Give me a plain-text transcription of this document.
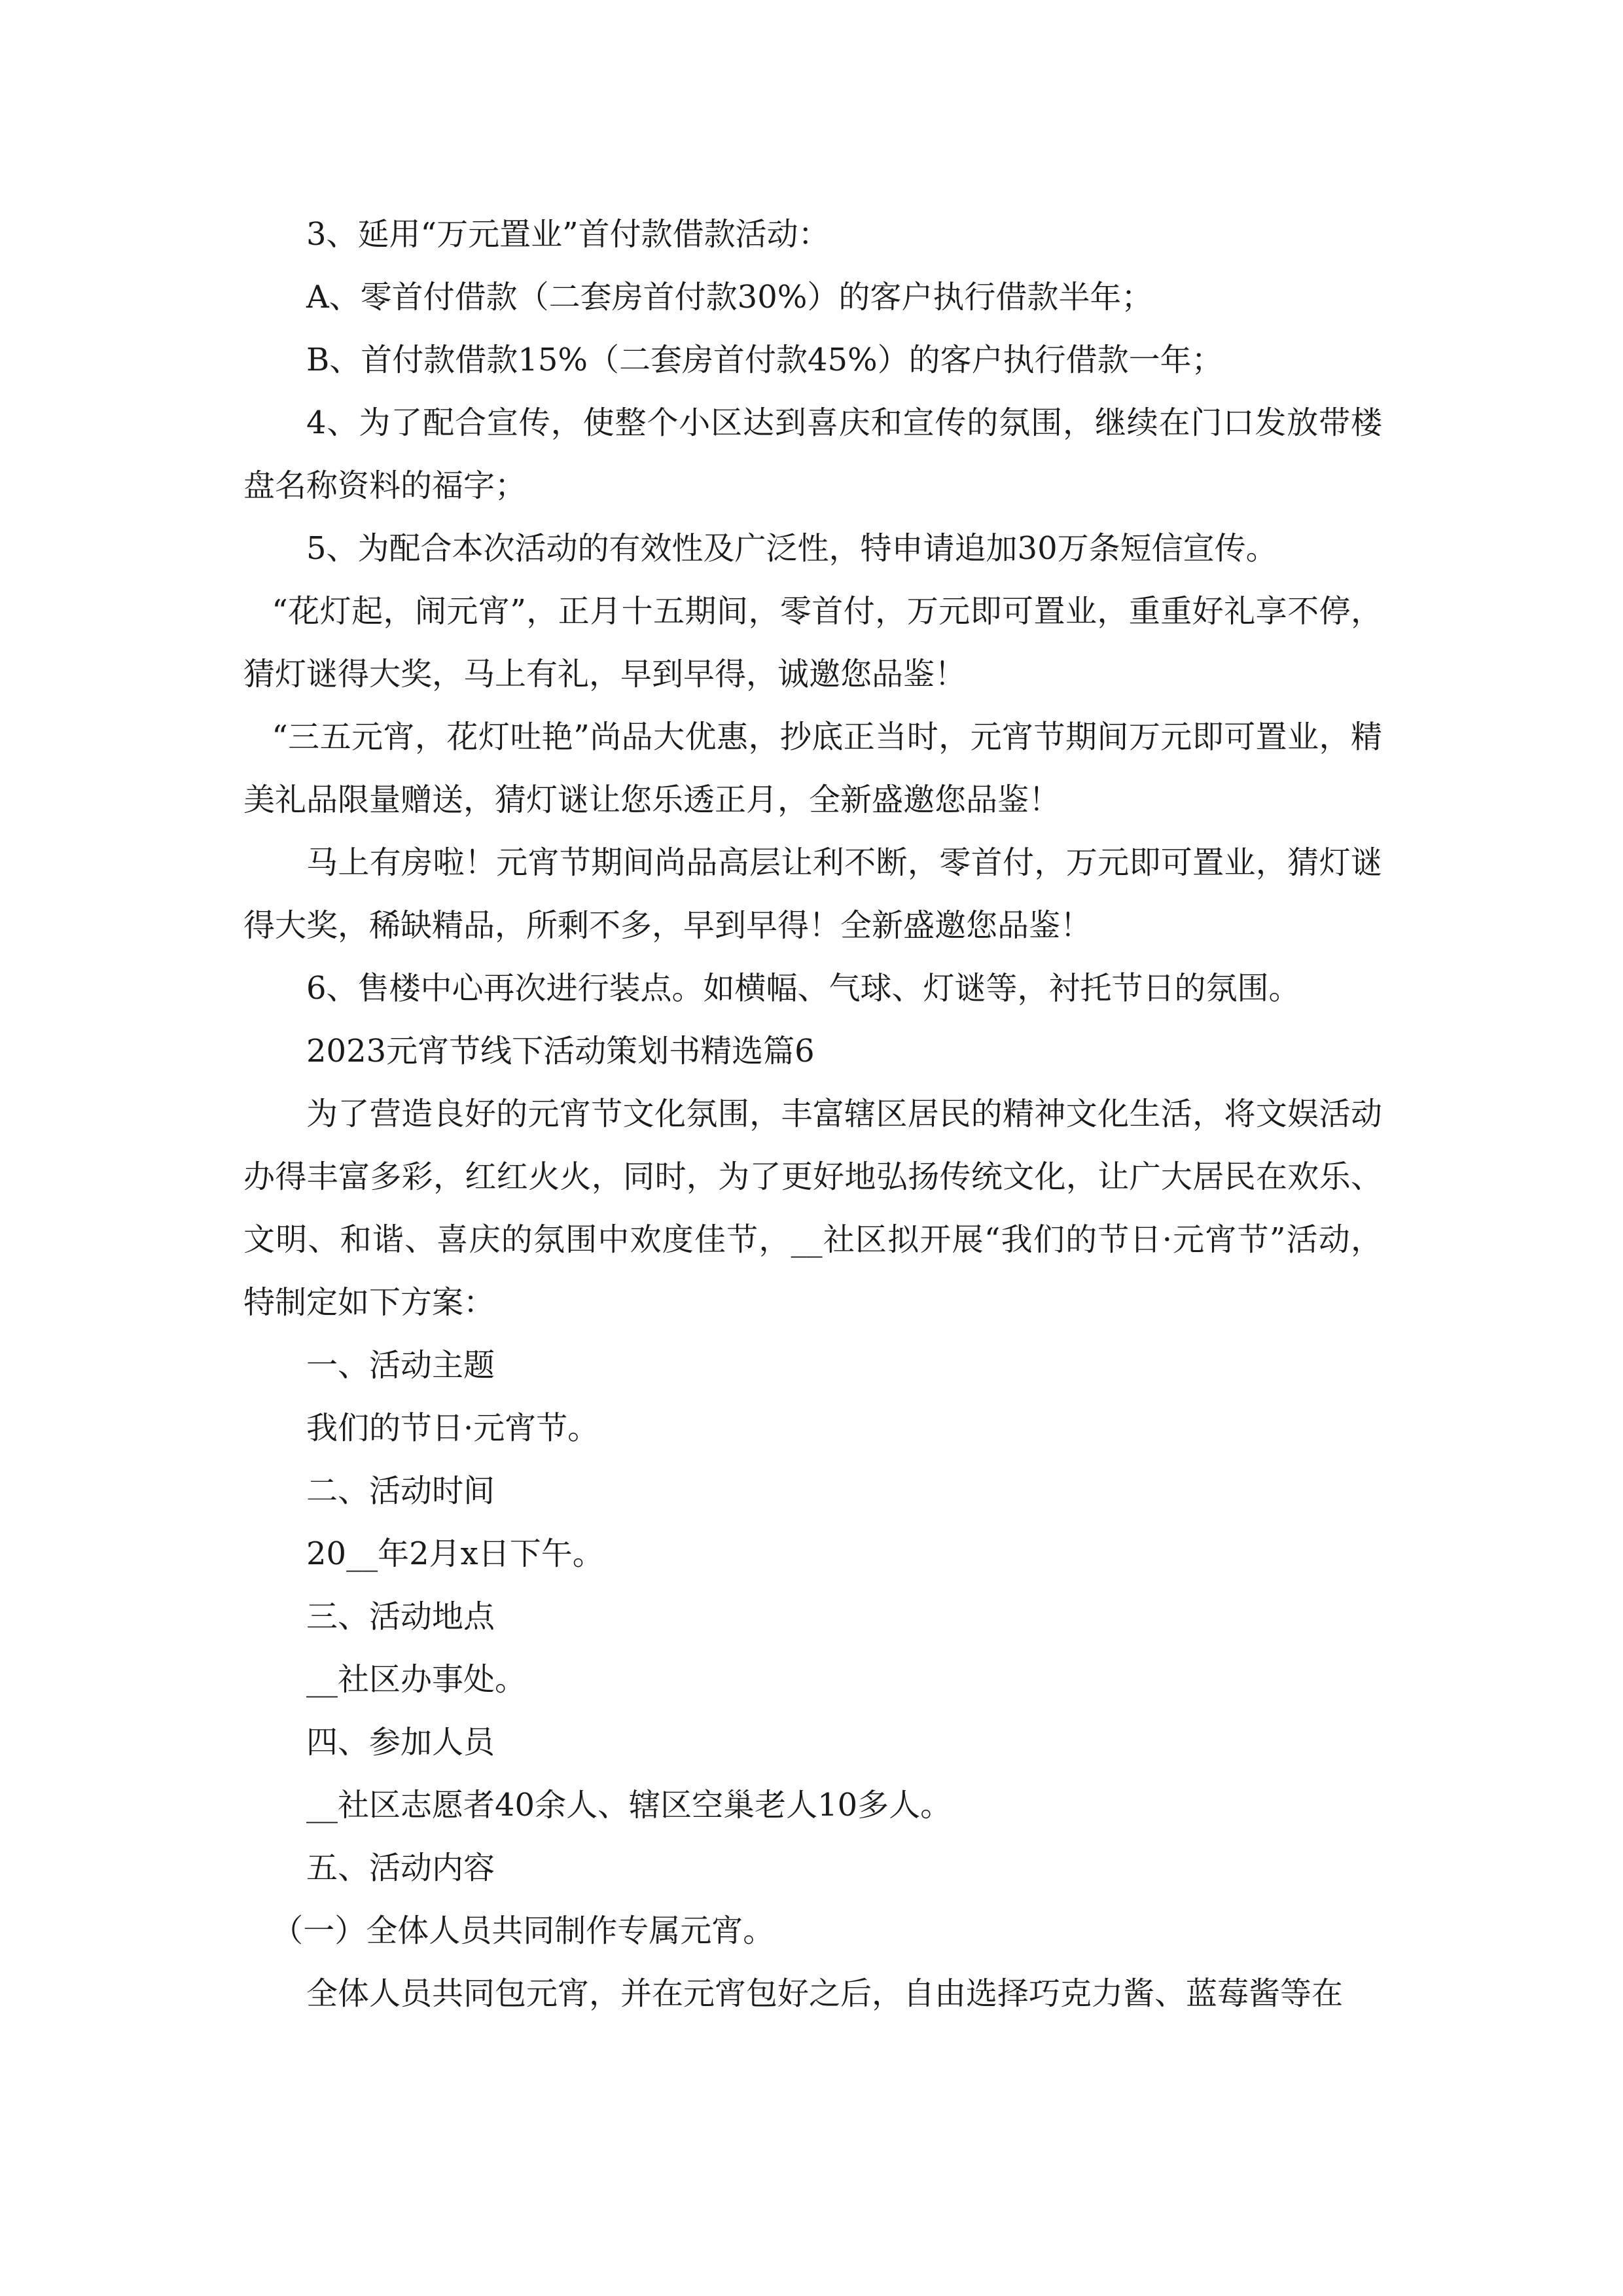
3、延用“万元置业”首付款借款活动：

A、零首付借款（二套房首付款30%）的客户执行借款半年；

B、首付款借款15%（二套房首付款45%）的客户执行借款一年；

4、为了配合宣传，使整个小区达到喜庆和宣传的氛围，继续在门口发放带楼盘名称资料的福字；

5、为配合本次活动的有效性及广泛性，特申请追加30万条短信宣传。

“花灯起，闹元宵”，正月十五期间，零首付，万元即可置业，重重好礼享不停，猜灯谜得大奖，马上有礼，早到早得，诚邀您品鉴！

“三五元宵，花灯吐艳”尚品大优惠，抄底正当时，元宵节期间万元即可置业，精美礼品限量赠送，猜灯谜让您乐透正月，全新盛邀您品鉴！

马上有房啦！元宵节期间尚品高层让利不断，零首付，万元即可置业，猜灯谜得大奖，稀缺精品，所剩不多，早到早得！全新盛邀您品鉴！

6、售楼中心再次进行装点。如横幅、气球、灯谜等，衬托节日的氛围。

2023元宵节线下活动策划书精选篇6

为了营造良好的元宵节文化氛围，丰富辖区居民的精神文化生活，将文娱活动办得丰富多彩，红红火火，同时，为了更好地弘扬传统文化，让广大居民在欢乐、文明、和谐、喜庆的氛围中欢度佳节，__社区拟开展“我们的节日·元宵节”活动，特制定如下方案：

一、活动主题

我们的节日·元宵节。

二、活动时间

20__年2月x日下午。

三、活动地点

__社区办事处。

四、参加人员

__社区志愿者40余人、辖区空巢老人10多人。

五、活动内容

（一）全体人员共同制作专属元宵。

全体人员共同包元宵，并在元宵包好之后，自由选择巧克力酱、蓝莓酱等在
